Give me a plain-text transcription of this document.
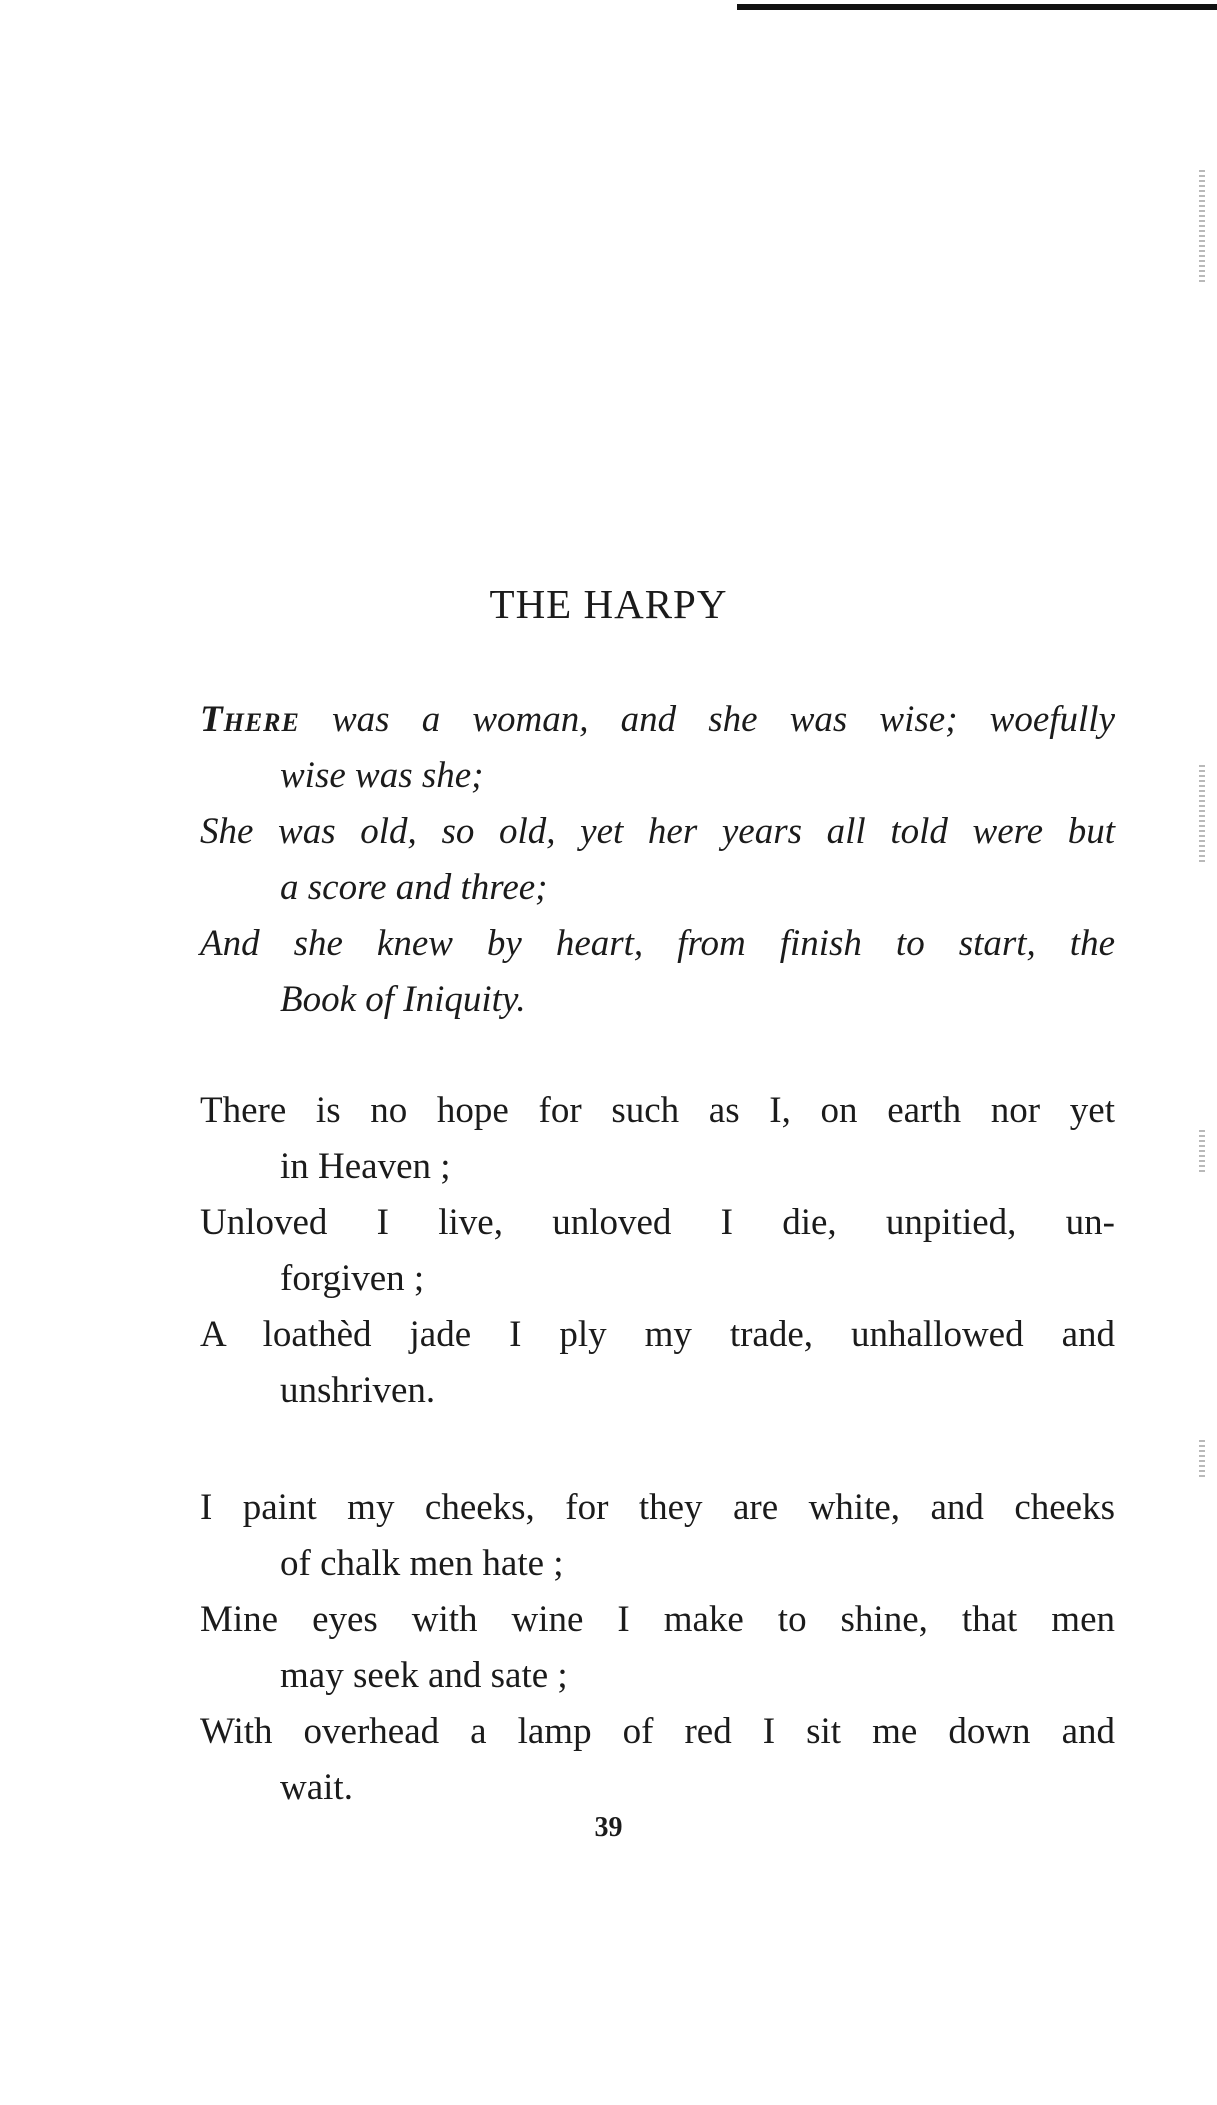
THE HARPY
There was a woman, and she was wise; woefully
wise was she;
She was old, so old, yet her years all told were but
a score and three;
And she knew by heart, from finish to start, the
Book of Iniquity.
There is no hope for such as I, on earth nor yet
in Heaven ;
Unloved I live, unloved I die, unpitied, un-
forgiven ;
A loathèd jade I ply my trade, unhallowed and
unshriven.
I paint my cheeks, for they are white, and cheeks
of chalk men hate ;
Mine eyes with wine I make to shine, that men
may seek and sate ;
With overhead a lamp of red I sit me down and
wait.
39
